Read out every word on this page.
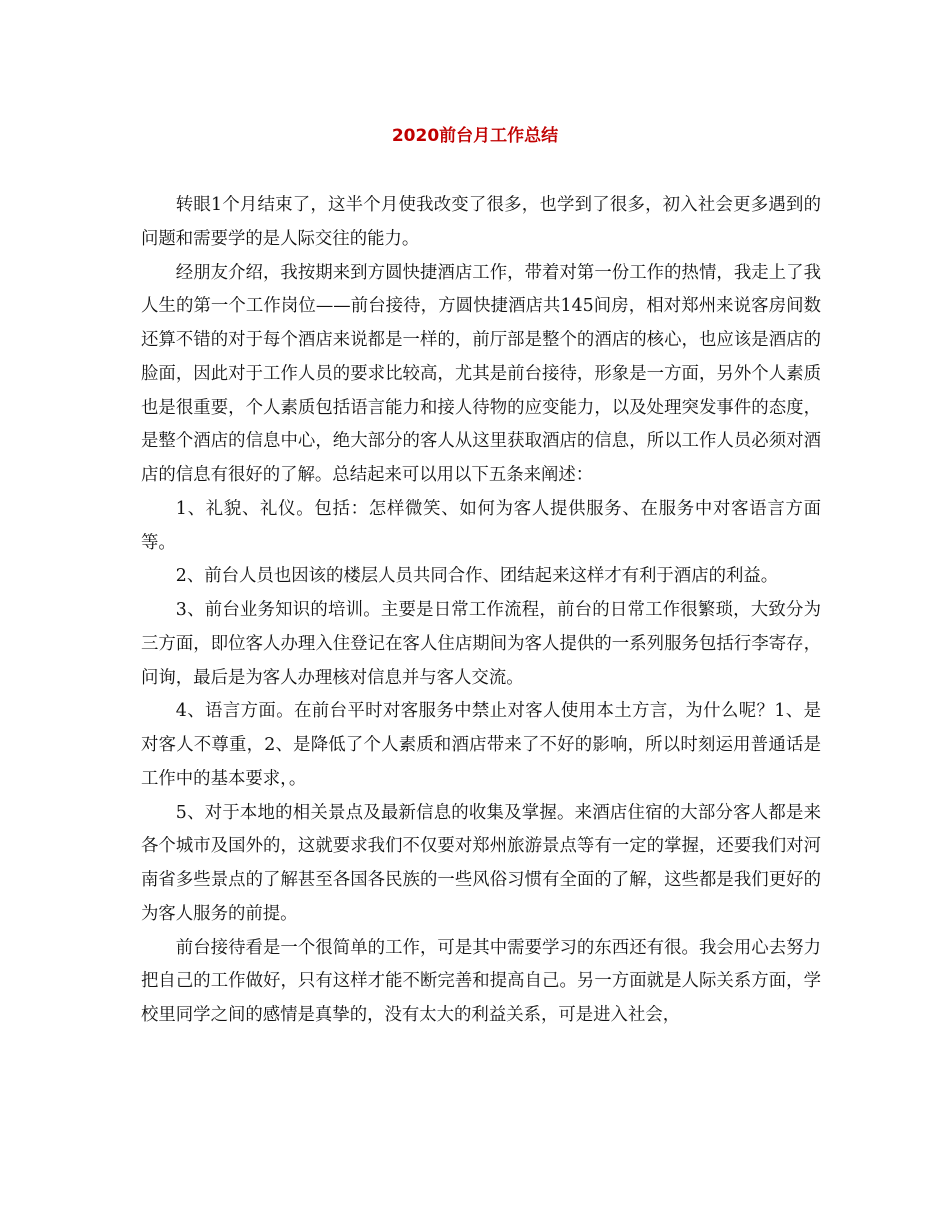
2020前台月工作总结

转眼1个月结束了，这半个月使我改变了很多，也学到了很多，初入社会更多遇到的问题和需要学的是人际交往的能力。

经朋友介绍，我按期来到方圆快捷酒店工作，带着对第一份工作的热情，我走上了我人生的第一个工作岗位——前台接待，方圆快捷酒店共145间房，相对郑州来说客房间数还算不错的对于每个酒店来说都是一样的，前厅部是整个的酒店的核心，也应该是酒店的脸面，因此对于工作人员的要求比较高，尤其是前台接待，形象是一方面，另外个人素质也是很重要，个人素质包括语言能力和接人待物的应变能力，以及处理突发事件的态度，是整个酒店的信息中心，绝大部分的客人从这里获取酒店的信息，所以工作人员必须对酒店的信息有很好的了解。总结起来可以用以下五条来阐述：

1、礼貌、礼仪。包括：怎样微笑、如何为客人提供服务、在服务中对客语言方面等。

2、前台人员也因该的楼层人员共同合作、团结起来这样才有利于酒店的利益。

3、前台业务知识的培训。主要是日常工作流程，前台的日常工作很繁琐，大致分为三方面，即位客人办理入住登记在客人住店期间为客人提供的一系列服务包括行李寄存，问询，最后是为客人办理核对信息并与客人交流。

4、语言方面。在前台平时对客服务中禁止对客人使用本土方言，为什么呢？1、是对客人不尊重，2、是降低了个人素质和酒店带来了不好的影响，所以时刻运用普通话是工作中的基本要求，。

5、对于本地的相关景点及最新信息的收集及掌握。来酒店住宿的大部分客人都是来各个城市及国外的，这就要求我们不仅要对郑州旅游景点等有一定的掌握，还要我们对河南省多些景点的了解甚至各国各民族的一些风俗习惯有全面的了解，这些都是我们更好的为客人服务的前提。

前台接待看是一个很简单的工作，可是其中需要学习的东西还有很。我会用心去努力把自己的工作做好，只有这样才能不断完善和提高自己。另一方面就是人际关系方面，学校里同学之间的感情是真挚的，没有太大的利益关系，可是进入社会，
